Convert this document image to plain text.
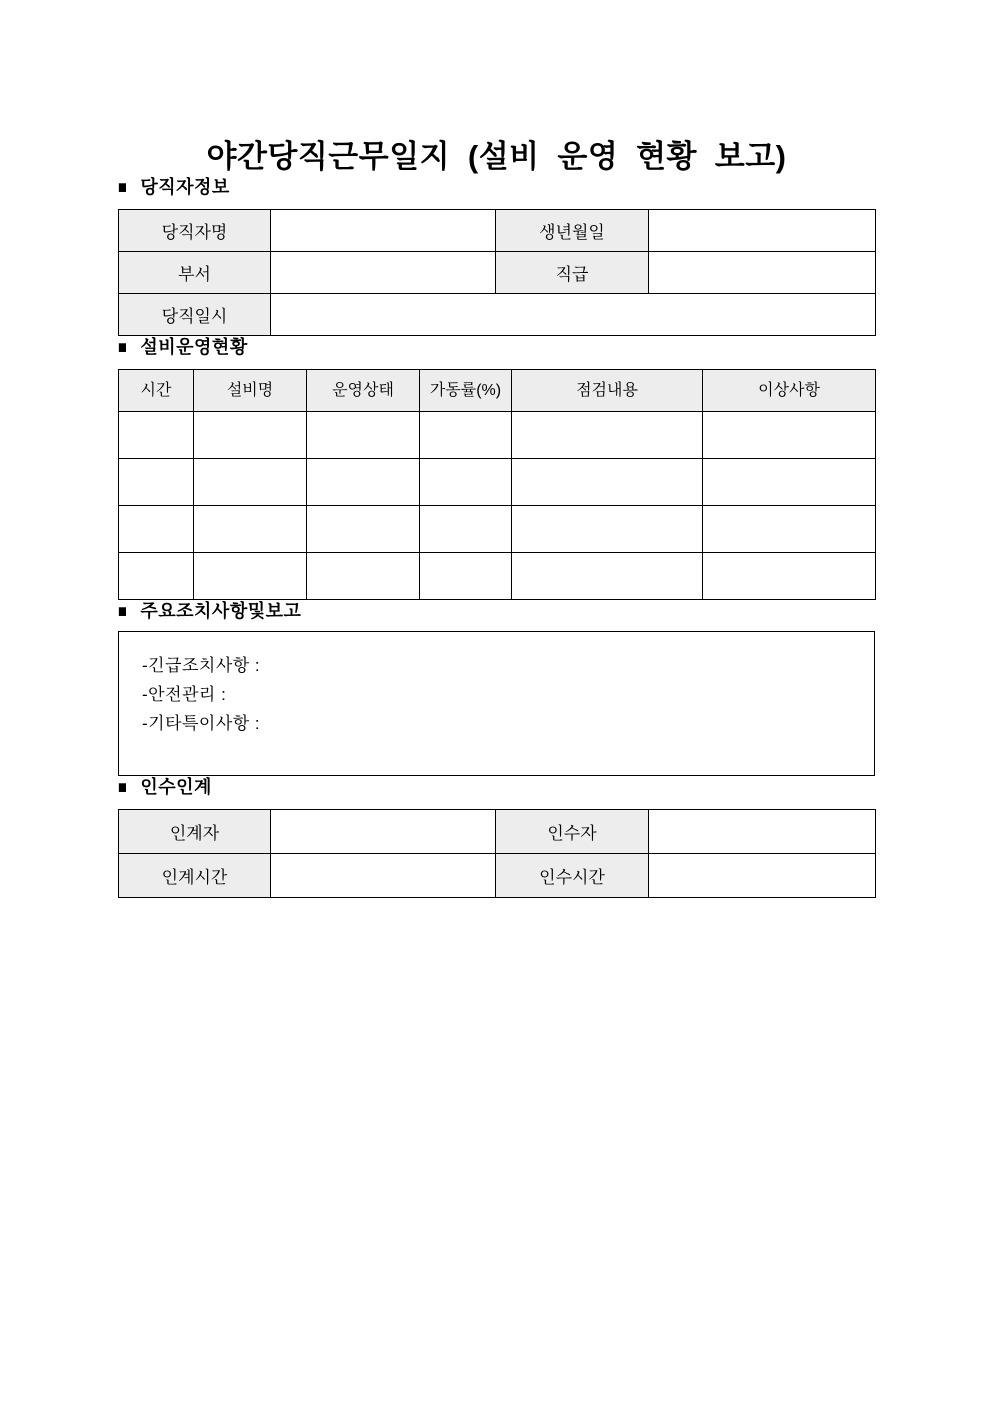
야간당직근무일지 (설비 운영 현황 보고)
■ 당직자정보
당직자명		생년월일	
부서		직급	
당직일시			
■ 설비운영현황
시간	설비명	운영상태	가동률(%)	점검내용	이상사항

■ 주요조치사항및보고
-긴급조치사항 :
-안전관리 :
-기타특이사항 :
■ 인수인계
인계자		인수자	
인계시간		인수시간	
